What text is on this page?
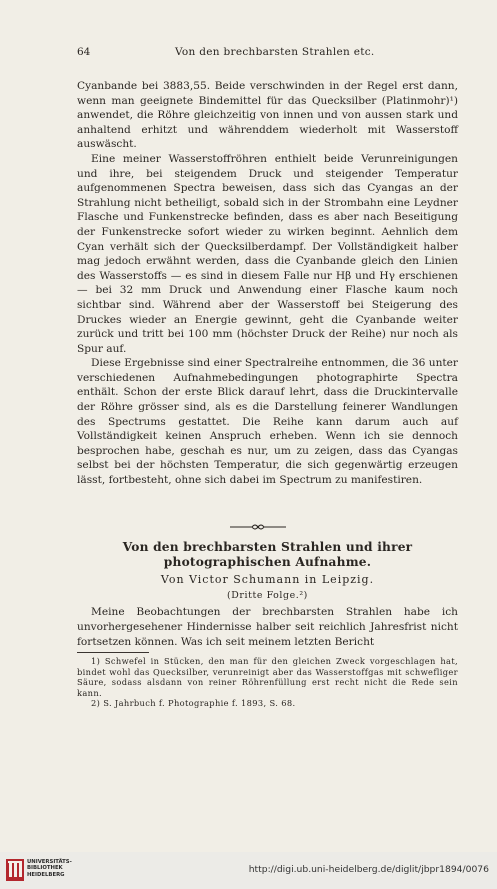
64	Von den brechbarsten Strahlen etc.

Cyanbande bei 3883,55. Beide verschwinden in der Regel erst dann, wenn man geeignete Bindemittel für das Quecksilber (Platinmohr)¹) anwendet, die Röhre gleichzeitig von innen und von aussen stark und anhaltend erhitzt und währenddem wiederholt mit Wasserstoff auswäscht.

Eine meiner Wasserstoffröhren enthielt beide Verunreinigungen und ihre, bei steigendem Druck und steigender Temperatur aufgenommenen Spectra beweisen, dass sich das Cyangas an der Strahlung nicht betheiligt, sobald sich in der Strombahn eine Leydner Flasche und Funkenstrecke befinden, dass es aber nach Beseitigung der Funkenstrecke sofort wieder zu wirken beginnt. Aehnlich dem Cyan verhält sich der Quecksilberdampf. Der Vollständigkeit halber mag jedoch erwähnt werden, dass die Cyanbande gleich den Linien des Wasserstoffs — es sind in diesem Falle nur Hβ und Hγ erschienen — bei 32 mm Druck und Anwendung einer Flasche kaum noch sichtbar sind. Während aber der Wasserstoff bei Steigerung des Druckes wieder an Energie gewinnt, geht die Cyanbande weiter zurück und tritt bei 100 mm (höchster Druck der Reihe) nur noch als Spur auf.

Diese Ergebnisse sind einer Spectralreihe entnommen, die 36 unter verschiedenen Aufnahmebedingungen photographirte Spectra enthält. Schon der erste Blick darauf lehrt, dass die Druckintervalle der Röhre grösser sind, als es die Darstellung feinerer Wandlungen des Spectrums gestattet. Die Reihe kann darum auch auf Vollständigkeit keinen Anspruch erheben. Wenn ich sie dennoch besprochen habe, geschah es nur, um zu zeigen, dass das Cyangas selbst bei der höchsten Temperatur, die sich gegenwärtig erzeugen lässt, fortbesteht, ohne sich dabei im Spectrum zu manifestiren.

Von den brechbarsten Strahlen und ihrer photographischen Aufnahme.
Von Victor Schumann in Leipzig.
(Dritte Folge.²)

Meine Beobachtungen der brechbarsten Strahlen habe ich unvorhergesehener Hindernisse halber seit reichlich Jahresfrist nicht fortsetzen können. Was ich seit meinem letzten Bericht

1) Schwefel in Stücken, den man für den gleichen Zweck vorgeschlagen hat, bindet wohl das Quecksilber, verunreinigt aber das Wasserstoffgas mit schwefliger Säure, sodass alsdann von reiner Röhrenfüllung erst recht nicht die Rede sein kann.

2) S. Jahrbuch f. Photographie f. 1893, S. 68.

UNIVERSITÄTS-
BIBLIOTHEK
HEIDELBERG	http://digi.ub.uni-heidelberg.de/diglit/jbpr1894/0076
